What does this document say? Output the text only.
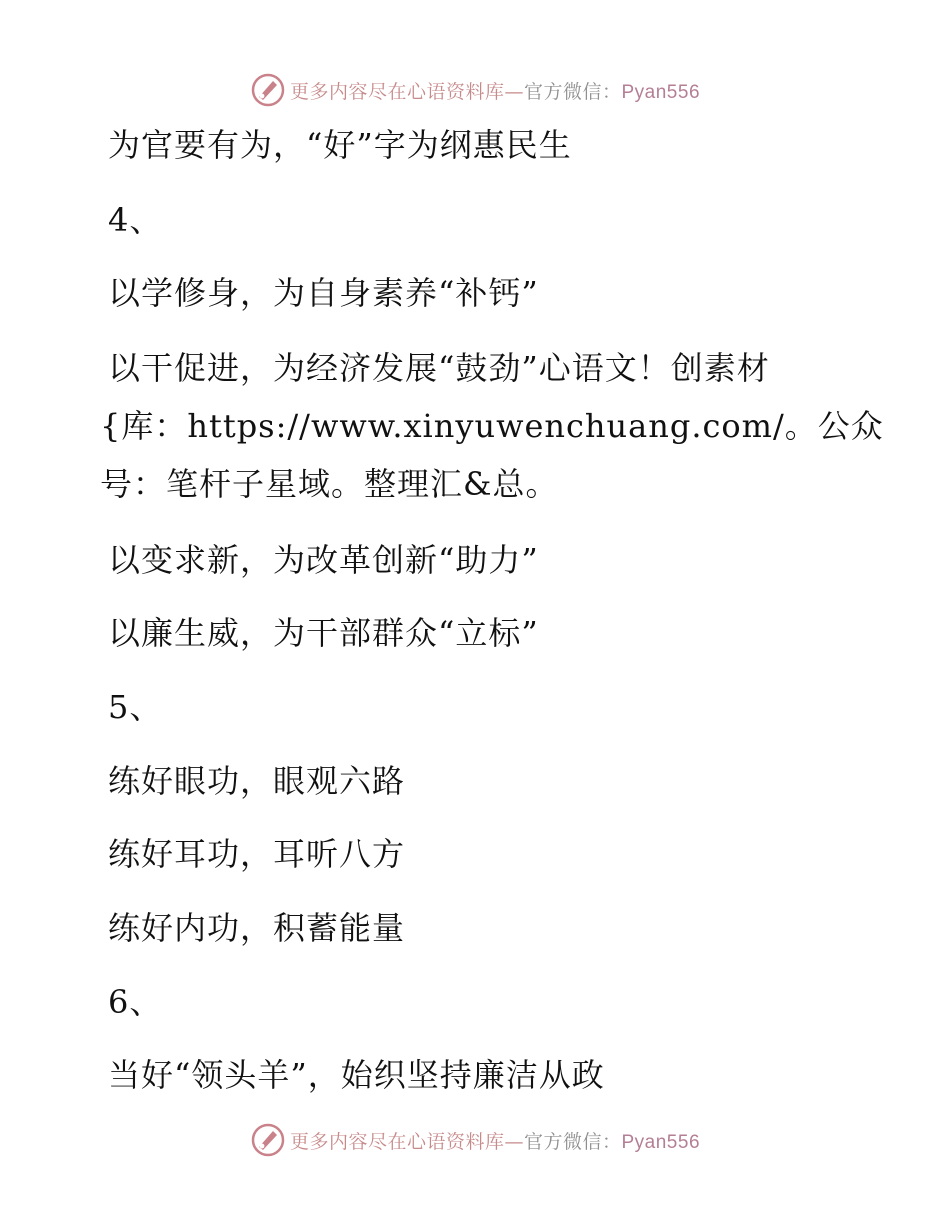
更多内容尽在心语资料库—官方微信：Pyan556
为官要有为，“好”字为纲惠民生
4、
以学修身，为自身素养“补钙”
以干促进，为经济发展“鼓劲”心语文！创素材
{库：https://www.xinyuwenchuang.com/。公众
号：笔杆子星域。整理汇&总。
以变求新，为改革创新“助力”
以廉生威，为干部群众“立标”
5、
练好眼功，眼观六路
练好耳功，耳听八方
练好内功，积蓄能量
6、
当好“领头羊”，始织坚持廉洁从政
更多内容尽在心语资料库—官方微信：Pyan556
